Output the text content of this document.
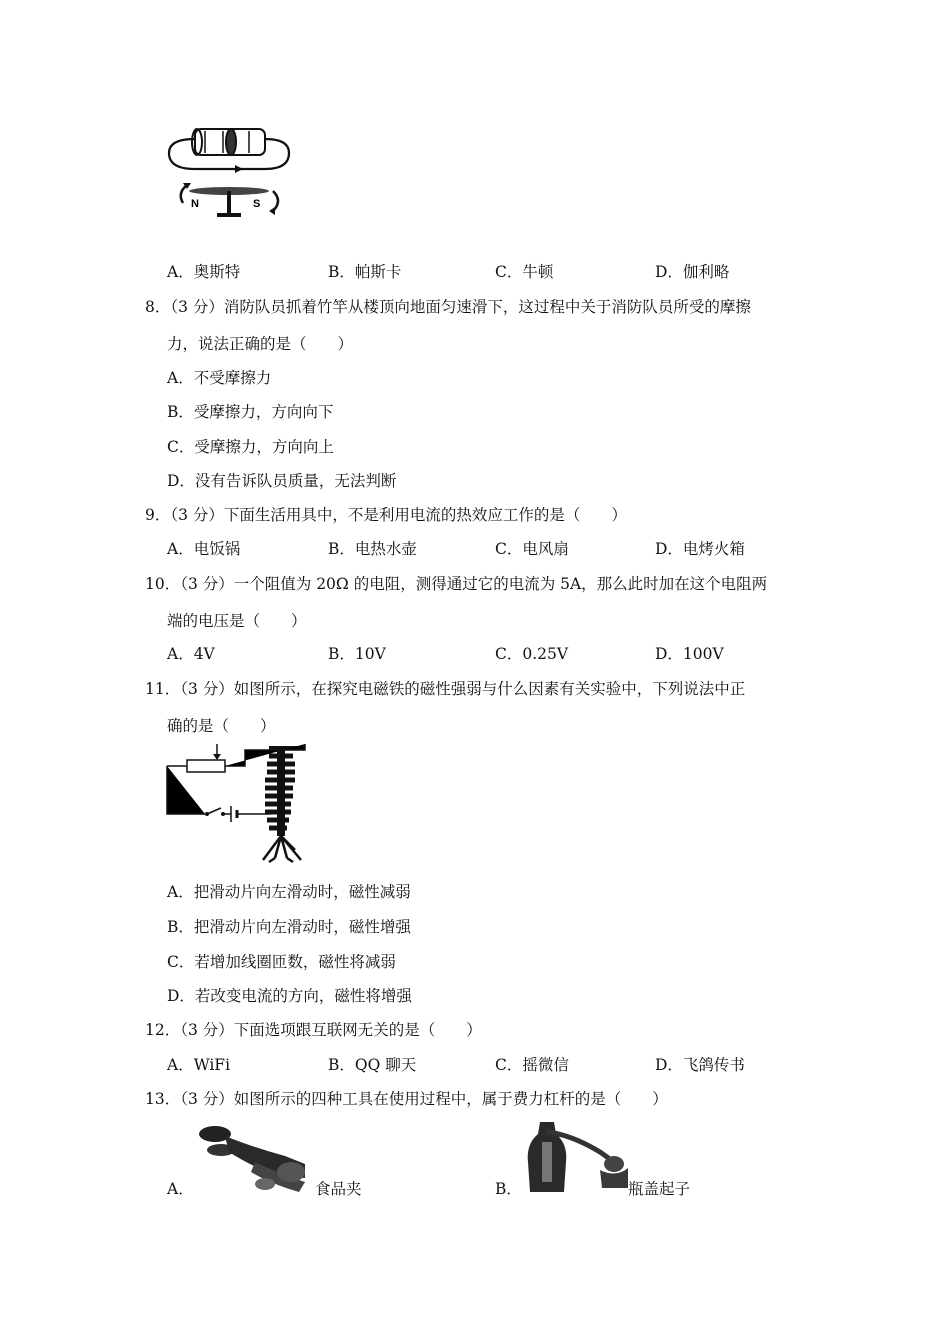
N	S
A．奥斯特	B．帕斯卡	C．牛顿	D．伽利略
8．（3 分）消防队员抓着竹竿从楼顶向地面匀速滑下，这过程中关于消防队员所受的摩擦
力，说法正确的是（　　）
A．不受摩擦力
B．受摩擦力，方向向下
C．受摩擦力，方向向上
D．没有告诉队员质量，无法判断
9．（3 分）下面生活用具中，不是利用电流的热效应工作的是（　　）
A．电饭锅	B．电热水壶	C．电风扇	D．电烤火箱
10．（3 分）一个阻值为 20Ω 的电阻，测得通过它的电流为 5A，那么此时加在这个电阻两
端的电压是（　　）
A．4V	B．10V	C．0.25V	D．100V
11．（3 分）如图所示，在探究电磁铁的磁性强弱与什么因素有关实验中，下列说法中正
确的是（　　）
A．把滑动片向左滑动时，磁性减弱
B．把滑动片向左滑动时，磁性增强
C．若增加线圈匝数，磁性将减弱
D．若改变电流的方向，磁性将增强
12．（3 分）下面选项跟互联网无关的是（　　）
A．WiFi	B．QQ 聊天	C．摇微信	D．飞鸽传书
13．（3 分）如图所示的四种工具在使用过程中，属于费力杠杆的是（　　）
A．	食品夹	B．	瓶盖起子
